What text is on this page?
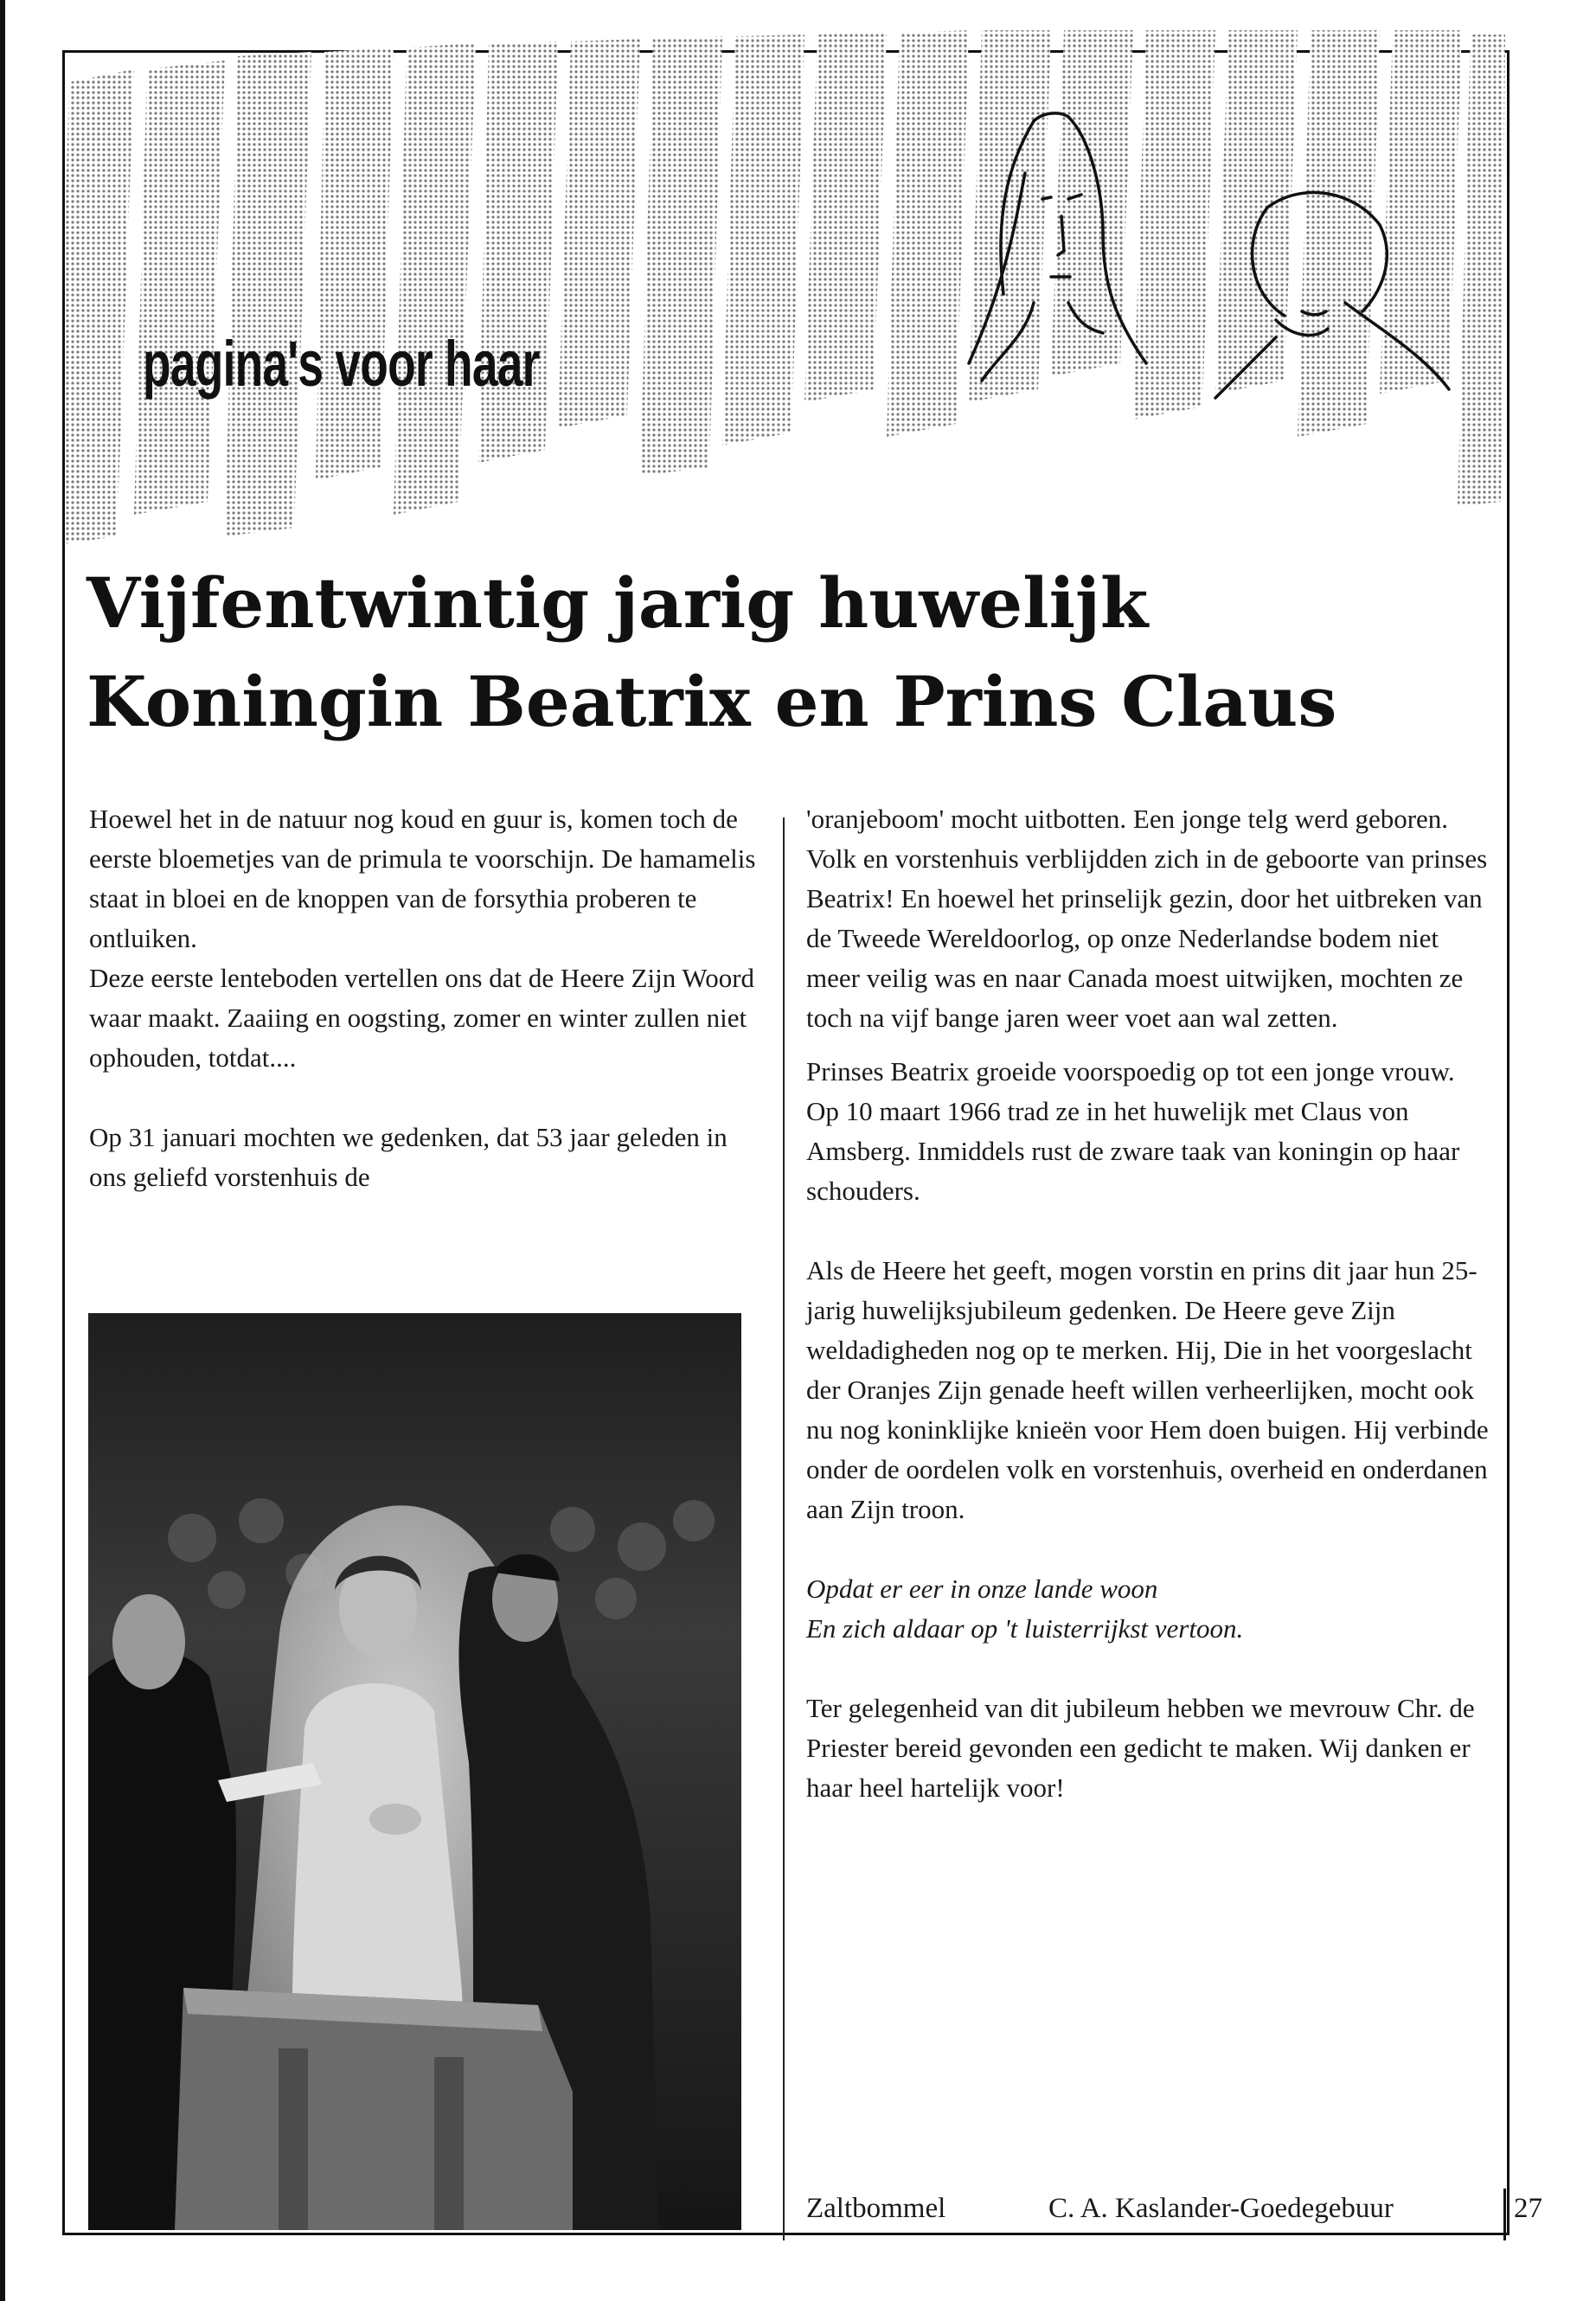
pagina's voor haar
Vijfentwintig jarig huwelijk
Koningin Beatrix en Prins Claus

Hoewel het in de natuur nog koud en guur is, komen toch de eerste bloemetjes van de primula te voorschijn. De hamamelis staat in bloei en de knoppen van de forsythia proberen te ontluiken.

Deze eerste lenteboden vertellen ons dat de Heere Zijn Woord waar maakt. Zaaiing en oogsting, zomer en winter zullen niet ophouden, totdat....

Op 31 januari mochten we gedenken, dat 53 jaar geleden in ons geliefd vorstenhuis de

'oranjeboom' mocht uitbotten. Een jonge telg werd geboren. Volk en vorstenhuis verblijdden zich in de geboorte van prinses Beatrix! En hoewel het prinselijk gezin, door het uitbreken van de Tweede Wereldoorlog, op onze Nederlandse bodem niet meer veilig was en naar Canada moest uitwijken, mochten ze toch na vijf bange jaren weer voet aan wal zetten.

Prinses Beatrix groeide voorspoedig op tot een jonge vrouw. Op 10 maart 1966 trad ze in het huwelijk met Claus von Amsberg. Inmiddels rust de zware taak van koningin op haar schouders.

Als de Heere het geeft, mogen vorstin en prins dit jaar hun 25-jarig huwelijksjubileum gedenken. De Heere geve Zijn weldadigheden nog op te merken. Hij, Die in het voorgeslacht der Oranjes Zijn genade heeft willen verheerlijken, mocht ook nu nog koninklijke knieën voor Hem doen buigen. Hij verbinde onder de oordelen volk en vorstenhuis, overheid en onderdanen aan Zijn troon.

Opdat er eer in onze lande woon

En zich aldaar op 't luisterrijkst vertoon.

Ter gelegenheid van dit jubileum hebben we mevrouw Chr. de Priester bereid gevonden een gedicht te maken. Wij danken er haar heel hartelijk voor!

Zaltbommel	C. A. Kaslander-Goedegebuur	27
